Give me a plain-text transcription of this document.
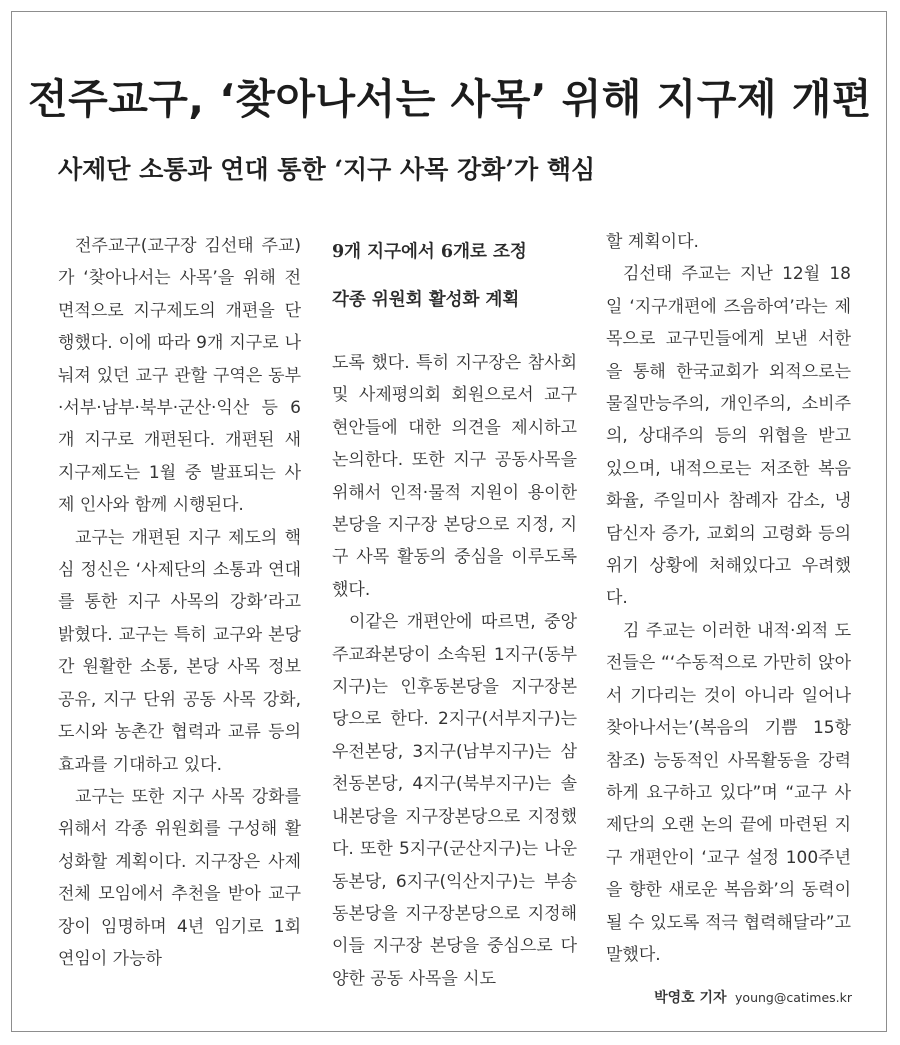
전주교구, ‘찾아나서는 사목’ 위해 지구제 개편
사제단 소통과 연대 통한 ‘지구 사목 강화’가 핵심

전주교구(교구장 김선태 주교)가 ‘찾아나서는 사목’을 위해 전면적으로 지구제도의 개편을 단행했다. 이에 따라 9개 지구로 나눠져 있던 교구 관할 구역은 동부·서부·남부·북부·군산·익산 등 6개 지구로 개편된다. 개편된 새 지구제도는 1월 중 발표되는 사제 인사와 함께 시행된다.

교구는 개편된 지구 제도의 핵심 정신은 ‘사제단의 소통과 연대를 통한 지구 사목의 강화’라고 밝혔다. 교구는 특히 교구와 본당간 원활한 소통, 본당 사목 정보 공유, 지구 단위 공동 사목 강화, 도시와 농촌간 협력과 교류 등의 효과를 기대하고 있다.

교구는 또한 지구 사목 강화를 위해서 각종 위원회를 구성해 활성화할 계획이다. 지구장은 사제 전체 모임에서 추천을 받아 교구장이 임명하며 4년 임기로 1회 연임이 가능하

9개 지구에서 6개로 조정
각종 위원회 활성화 계획

도록 했다. 특히 지구장은 참사회 및 사제평의회 회원으로서 교구 현안들에 대한 의견을 제시하고 논의한다. 또한 지구 공동사목을 위해서 인적·물적 지원이 용이한 본당을 지구장 본당으로 지정, 지구 사목 활동의 중심을 이루도록 했다.

이같은 개편안에 따르면, 중앙주교좌본당이 소속된 1지구(동부지구)는 인후동본당을 지구장본당으로 한다. 2지구(서부지구)는 우전본당, 3지구(남부지구)는 삼천동본당, 4지구(북부지구)는 솔내본당을 지구장본당으로 지정했다. 또한 5지구(군산지구)는 나운동본당, 6지구(익산지구)는 부송동본당을 지구장본당으로 지정해 이들 지구장 본당을 중심으로 다양한 공동 사목을 시도

할 계획이다.

김선태 주교는 지난 12월 18일 ‘지구개편에 즈음하여’라는 제목으로 교구민들에게 보낸 서한을 통해 한국교회가 외적으로는 물질만능주의, 개인주의, 소비주의, 상대주의 등의 위협을 받고 있으며, 내적으로는 저조한 복음화율, 주일미사 참례자 감소, 냉담신자 증가, 교회의 고령화 등의 위기 상황에 처해있다고 우려했다.

김 주교는 이러한 내적·외적 도전들은 “‘수동적으로 가만히 앉아서 기다리는 것이 아니라 일어나 찾아나서는’(복음의 기쁨 15항 참조) 능동적인 사목활동을 강력하게 요구하고 있다”며 “교구 사제단의 오랜 논의 끝에 마련된 지구 개편안이 ‘교구 설정 100주년을 향한 새로운 복음화’의 동력이 될 수 있도록 적극 협력해달라”고 말했다.

박영호 기자 young@catimes.kr
